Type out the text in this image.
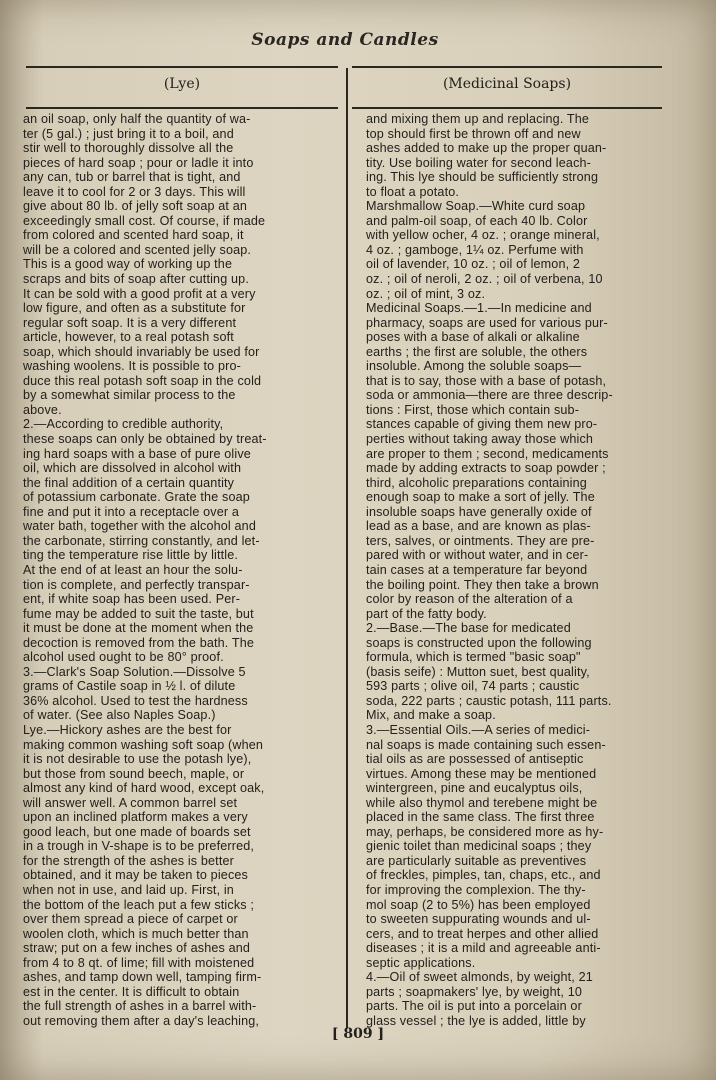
Soaps and Candles
(Lye)	(Medicinal Soaps)
an oil soap, only half the quantity of wa-
ter (5 gal.) ; just bring it to a boil, and
stir well to thoroughly dissolve all the
pieces of hard soap ; pour or ladle it into
any can, tub or barrel that is tight, and
leave it to cool for 2 or 3 days. This will
give about 80 lb. of jelly soft soap at an
exceedingly small cost. Of course, if made
from colored and scented hard soap, it
will be a colored and scented jelly soap.
This is a good way of working up the
scraps and bits of soap after cutting up.
It can be sold with a good profit at a very
low figure, and often as a substitute for
regular soft soap. It is a very different
article, however, to a real potash soft
soap, which should invariably be used for
washing woolens. It is possible to pro-
duce this real potash soft soap in the cold
by a somewhat similar process to the
above.
2.—According to credible authority,
these soaps can only be obtained by treat-
ing hard soaps with a base of pure olive
oil, which are dissolved in alcohol with
the final addition of a certain quantity
of potassium carbonate. Grate the soap
fine and put it into a receptacle over a
water bath, together with the alcohol and
the carbonate, stirring constantly, and let-
ting the temperature rise little by little.
At the end of at least an hour the solu-
tion is complete, and perfectly transpar-
ent, if white soap has been used. Per-
fume may be added to suit the taste, but
it must be done at the moment when the
decoction is removed from the bath. The
alcohol used ought to be 80° proof.
3.—Clark's Soap Solution.—Dissolve 5
grams of Castile soap in ½ l. of dilute
36% alcohol. Used to test the hardness
of water. (See also Naples Soap.)
Lye.—Hickory ashes are the best for
making common washing soft soap (when
it is not desirable to use the potash lye),
but those from sound beech, maple, or
almost any kind of hard wood, except oak,
will answer well. A common barrel set
upon an inclined platform makes a very
good leach, but one made of boards set
in a trough in V-shape is to be preferred,
for the strength of the ashes is better
obtained, and it may be taken to pieces
when not in use, and laid up. First, in
the bottom of the leach put a few sticks ;
over them spread a piece of carpet or
woolen cloth, which is much better than
straw; put on a few inches of ashes and
from 4 to 8 qt. of lime; fill with moistened
ashes, and tamp down well, tamping firm-
est in the center. It is difficult to obtain
the full strength of ashes in a barrel with-
out removing them after a day's leaching,
and mixing them up and replacing. The
top should first be thrown off and new
ashes added to make up the proper quan-
tity. Use boiling water for second leach-
ing. This lye should be sufficiently strong
to float a potato.
Marshmallow Soap.—White curd soap
and palm-oil soap, of each 40 lb. Color
with yellow ocher, 4 oz. ; orange mineral,
4 oz. ; gamboge, 1¼ oz. Perfume with
oil of lavender, 10 oz. ; oil of lemon, 2
oz. ; oil of neroli, 2 oz. ; oil of verbena, 10
oz. ; oil of mint, 3 oz.
Medicinal Soaps.—1.—In medicine and
pharmacy, soaps are used for various pur-
poses with a base of alkali or alkaline
earths ; the first are soluble, the others
insoluble. Among the soluble soaps—
that is to say, those with a base of potash,
soda or ammonia—there are three descrip-
tions : First, those which contain sub-
stances capable of giving them new pro-
perties without taking away those which
are proper to them ; second, medicaments
made by adding extracts to soap powder ;
third, alcoholic preparations containing
enough soap to make a sort of jelly. The
insoluble soaps have generally oxide of
lead as a base, and are known as plas-
ters, salves, or ointments. They are pre-
pared with or without water, and in cer-
tain cases at a temperature far beyond
the boiling point. They then take a brown
color by reason of the alteration of a
part of the fatty body.
2.—Base.—The base for medicated
soaps is constructed upon the following
formula, which is termed "basic soap"
(basis seife) : Mutton suet, best quality,
593 parts ; olive oil, 74 parts ; caustic
soda, 222 parts ; caustic potash, 111 parts.
Mix, and make a soap.
3.—Essential Oils.—A series of medici-
nal soaps is made containing such essen-
tial oils as are possessed of antiseptic
virtues. Among these may be mentioned
wintergreen, pine and eucalyptus oils,
while also thymol and terebene might be
placed in the same class. The first three
may, perhaps, be considered more as hy-
gienic toilet than medicinal soaps ; they
are particularly suitable as preventives
of freckles, pimples, tan, chaps, etc., and
for improving the complexion. The thy-
mol soap (2 to 5%) has been employed
to sweeten suppurating wounds and ul-
cers, and to treat herpes and other allied
diseases ; it is a mild and agreeable anti-
septic applications.
4.—Oil of sweet almonds, by weight, 21
parts ; soapmakers' lye, by weight, 10
parts. The oil is put into a porcelain or
glass vessel ; the lye is added, little by
[ 809 ]
